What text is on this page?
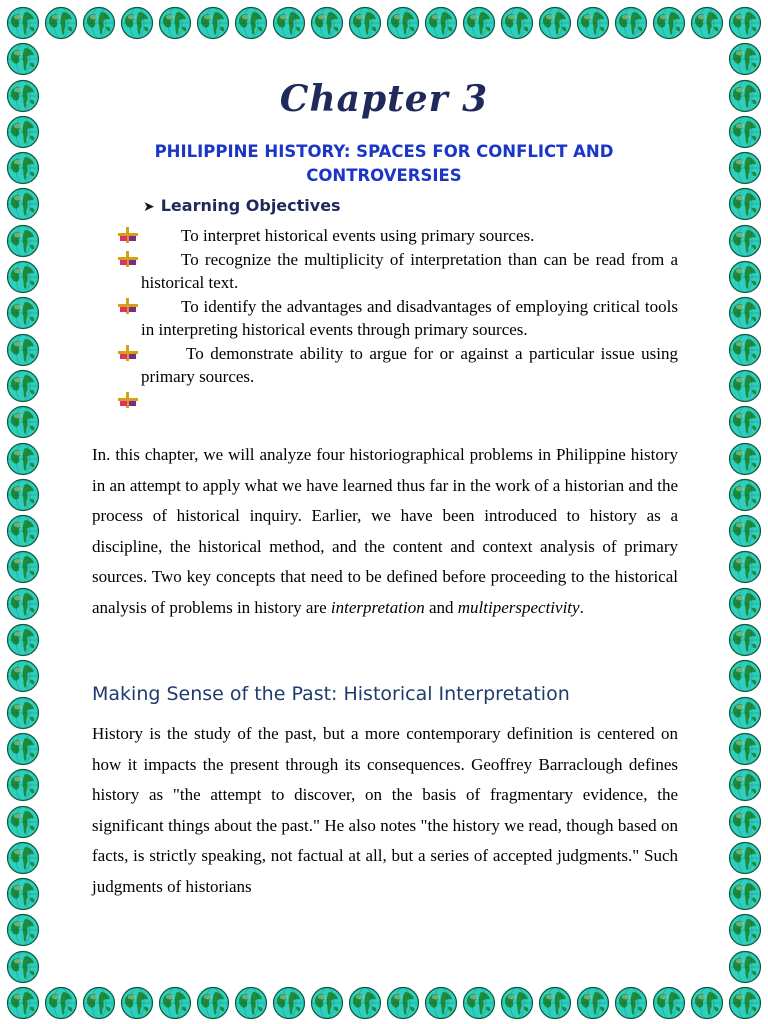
Chapter 3
PHILIPPINE HISTORY: SPACES FOR CONFLICT AND CONTROVERSIES
➤ Learning Objectives
To interpret historical events using primary sources.
To recognize the multiplicity of interpretation than can be read from a historical text.
To identify the advantages and disadvantages of employing critical tools in interpreting historical events through primary sources.
To demonstrate ability to argue for or against a particular issue using primary sources.
In. this chapter, we will analyze four historiographical problems in Philippine history in an attempt to apply what we have learned thus far in the work of a historian and the process of historical inquiry. Earlier, we have been introduced to history as a discipline, the historical method, and the content and context analysis of primary sources. Two key concepts that need to be defined before proceeding to the historical analysis of problems in history are interpretation and multiperspectivity.
Making Sense of the Past: Historical Interpretation
History is the study of the past, but a more contemporary definition is centered on how it impacts the present through its consequences. Geoffrey Barraclough defines history as "the attempt to discover, on the basis of fragmentary evidence, the significant things about the past." He also notes "the history we read, though based on facts, is strictly speaking, not factual at all, but a series of accepted judgments." Such judgments of historians
